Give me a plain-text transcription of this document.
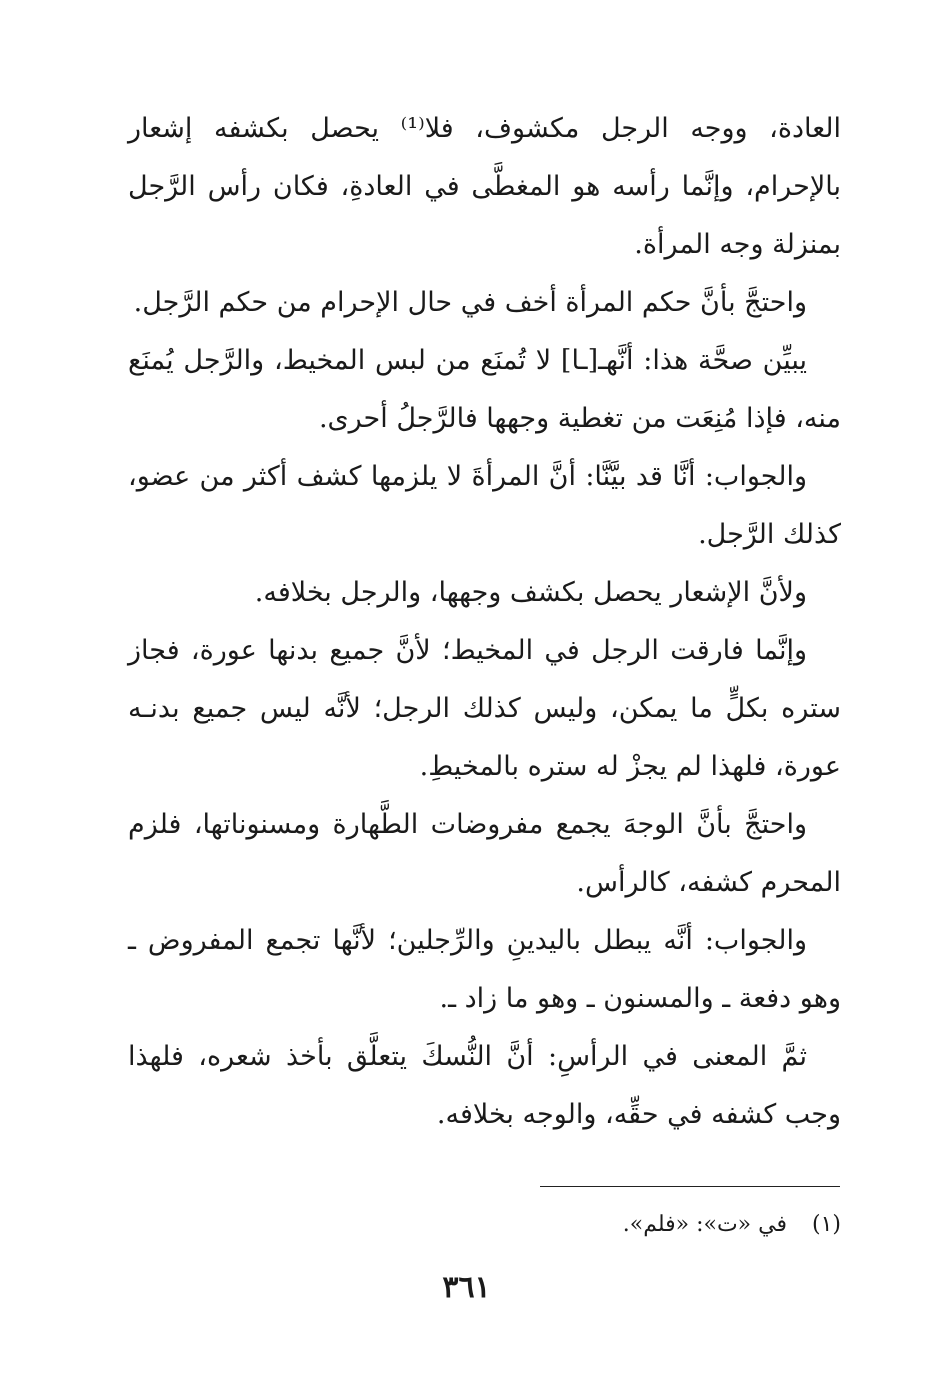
العادة، ووجه الرجل مكشوف، فلا⁽¹⁾ يحصل بكشفه إشعار بالإحرام، وإنَّما رأسه هو المغطَّى في العادةِ، فكان رأس الرَّجل بمنزلة وجه المرأة.

واحتجَّ بأنَّ حكم المرأة أخف في حال الإحرام من حكم الرَّجل.

يبيِّن صحَّة هذا: أنَّهـ[ـا] لا تُمنَع من لبس المخيط، والرَّجل يُمنَع منه، فإذا مُنِعَت من تغطية وجهها فالرَّجلُ أحرى.

والجواب: أنَّا قد بيَّنَّا: أنَّ المرأةَ لا يلزمها كشف أكثر من عضو، كذلك الرَّجل.

ولأنَّ الإشعار يحصل بكشف وجهها، والرجل بخلافه.

وإنَّما فارقت الرجل في المخيط؛ لأنَّ جميع بدنها عورة، فجاز ستره بكلٍّ ما يمكن، وليس كذلك الرجل؛ لأنَّه ليس جميع بدنـه عورة، فلهذا لم يجزْ له ستره بالمخيطِ.

واحتجَّ بأنَّ الوجهَ يجمع مفروضات الطَّهارة ومسنوناتها، فلزم المحرم كشفه، كالرأس.

والجواب: أنَّه يبطل باليدينِ والرِّجلين؛ لأنَّها تجمع المفروض ـ وهو دفعة ـ والمسنون ـ وهو ما زاد ـ.

ثمَّ المعنى في الرأسِ: أنَّ النُّسكَ يتعلَّق بأخذ شعره، فلهذا وجب كشفه في حقِّه، والوجه بخلافه.

(١) في «ت»: «فلم».
٣٦١
